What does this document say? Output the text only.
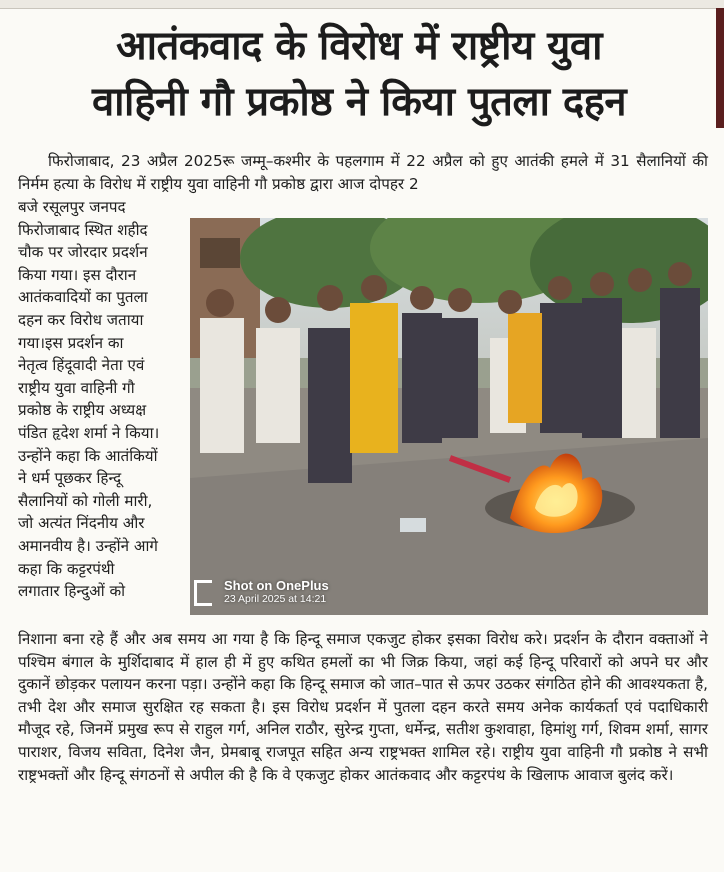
आतंकवाद के विरोध में राष्ट्रीय युवा
वाहिनी गौ प्रकोष्ठ ने किया पुतला दहन

फिरोजाबाद, 23 अप्रैल 2025रू जम्मू–कश्मीर के पहलगाम में 22 अप्रैल को हुए आतंकी हमले में 31 सैलानियों की निर्मम हत्या के विरोध में राष्ट्रीय युवा वाहिनी गौ प्रकोष्ठ द्वारा आज दोपहर 2

बजे रसूलपुर जनपद
फिरोजाबाद स्थित शहीद
चौक पर जोरदार प्रदर्शन
किया गया। इस दौरान
आतंकवादियों का पुतला
दहन कर विरोध जताया
गया।इस प्रदर्शन का
नेतृत्व हिंदूवादी नेता एवं
राष्ट्रीय युवा वाहिनी गौ
प्रकोष्ठ के राष्ट्रीय अध्यक्ष
पंडित हृदेश शर्मा ने किया।
उन्होंने कहा कि आतंकियों
ने धर्म पूछकर हिन्दू
सैलानियों को गोली मारी,
जो अत्यंत निंदनीय और
अमानवीय है। उन्होंने आगे
कहा कि कट्टरपंथी
लगातार हिन्दुओं को	Shot on OnePlus
23 April 2025 at 14:21

निशाना बना रहे हैं और अब समय आ गया है कि हिन्दू समाज एकजुट होकर इसका विरोध करे। प्रदर्शन के दौरान वक्ताओं ने पश्चिम बंगाल के मुर्शिदाबाद में हाल ही में हुए कथित हमलों का भी जिक्र किया, जहां कई हिन्दू परिवारों को अपने घर और दुकानें छोड़कर पलायन करना पड़ा। उन्होंने कहा कि हिन्दू समाज को जात–पात से ऊपर उठकर संगठित होने की आवश्यकता है, तभी देश और समाज सुरक्षित रह सकता है। इस विरोध प्रदर्शन में पुतला दहन करते समय अनेक कार्यकर्ता एवं पदाधिकारी मौजूद रहे, जिनमें प्रमुख रूप से राहुल गर्ग, अनिल राठौर, सुरेन्द्र गुप्ता, धर्मेन्द्र, सतीश कुशवाहा, हिमांशु गर्ग, शिवम शर्मा, सागर पाराशर, विजय सविता, दिनेश जैन, प्रेमबाबू राजपूत सहित अन्य राष्ट्रभक्त शामिल रहे। राष्ट्रीय युवा वाहिनी गौ प्रकोष्ठ ने सभी राष्ट्रभक्तों और हिन्दू संगठनों से अपील की है कि वे एकजुट होकर आतंकवाद और कट्टरपंथ के खिलाफ आवाज बुलंद करें।
